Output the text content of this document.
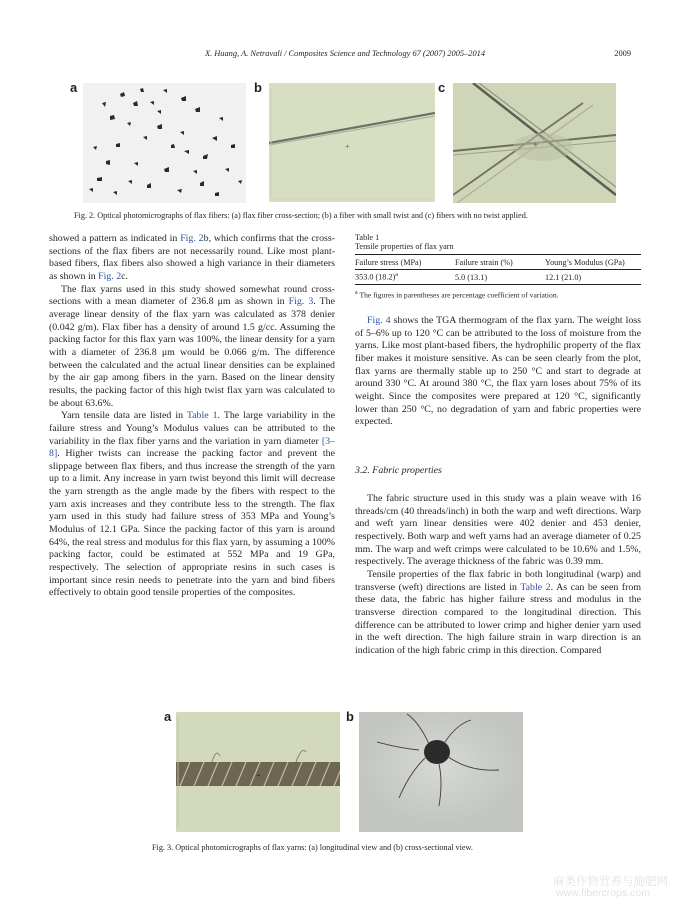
X. Huang, A. Netravali / Composites Science and Technology 67 (2007) 2005–2014	2009
a	b	c
+	+
Fig. 2. Optical photomicrographs of flax fibers: (a) flax fiber cross-section; (b) a fiber with small twist and (c) fibers with no twist applied.

showed a pattern as indicated in Fig. 2b, which confirms that the cross-sections of the flax fibers are not necessarily round. Like most plant-based fibers, flax fibers also showed a high variance in their diameters as shown in Fig. 2c.

The flax yarns used in this study showed somewhat round cross-sections with a mean diameter of 236.8 μm as shown in Fig. 3. The average linear density of the flax yarn was calculated as 378 denier (0.042 g/m). Flax fiber has a density of around 1.5 g/cc. Assuming the packing factor for this flax yarn was 100%, the linear density for a yarn with a diameter of 236.8 μm would be 0.066 g/m. The difference between the calculated and the actual linear densities can be explained by the air gap among fibers in the yarn. Based on the linear density results, the packing factor of this high twist flax yarn was calculated to be about 63.6%.

Yarn tensile data are listed in Table 1. The large variability in the failure stress and Young’s Modulus values can be attributed to the variability in the flax fiber yarns and the variation in yarn diameter [3–8]. Higher twists can increase the packing factor and prevent the slippage between flax fibers, and thus increase the strength of the yarn up to a limit. Any increase in yarn twist beyond this limit will decrease the yarn strength as the angle made by the fibers with respect to the yarn axis increases and they contribute less to the strength. The flax yarn used in this study had failure stress of 353 MPa and Young’s Modulus of 12.1 GPa. Since the packing factor of this yarn is around 64%, the real stress and modulus for this flax yarn, by assuming a 100% packing factor, could be estimated at 552 MPa and 19 GPa, respectively. The selection of appropriate resins in such cases is important since resin needs to penetrate into the yarn and bind fibers effectively to obtain good tensile properties of the composites.

Table 1
Tensile properties of flax yarn
Failure stress (MPa)	Failure strain (%)	Young’s Modulus (GPa)
353.0 $(18.2)^a$	5.0 (13.1)	12.1 (21.0)
$^a$ The figures in parentheses are percentage coefficient of variation.

Fig. 4 shows the TGA thermogram of the flax yarn. The weight loss of 5–6% up to 120 °C can be attributed to the loss of moisture from the yarns. Like most plant-based fibers, the hydrophilic property of the flax fiber makes it moisture sensitive. As can be seen clearly from the plot, flax yarns are thermally stable up to 250 °C and start to degrade at around 330 °C. At around 380 °C, the flax yarn loses about 75% of its weight. Since the composites were prepared at 120 °C, significantly lower than 250 °C, no degradation of yarn and fabric properties were expected.

3.2. Fabric properties

The fabric structure used in this study was a plain weave with 16 threads/cm (40 threads/inch) in both the warp and weft directions. Warp and weft yarn linear densities were 402 denier and 453 denier, respectively. Both warp and weft yarns had an average diameter of 0.25 mm. The warp and weft crimps were calculated to be 10.6% and 1.5%, respectively. The average thickness of the fabric was 0.39 mm.

Tensile properties of the flax fabric in both longitudinal (warp) and transverse (weft) directions are listed in Table 2. As can be seen from these data, the fabric has higher failure stress and modulus in the transverse direction compared to the longitudinal direction. This difference can be attributed to lower crimp and higher denier yarn used in the weft direction. The high failure strain in warp direction is an indication of the high fabric crimp in this direction. Compared

a	b
+
Fig. 3. Optical photomicrographs of flax yarns: (a) longitudinal view and (b) cross-sectional view.
麻类作物营养与施肥网
www.fibercrops.com
